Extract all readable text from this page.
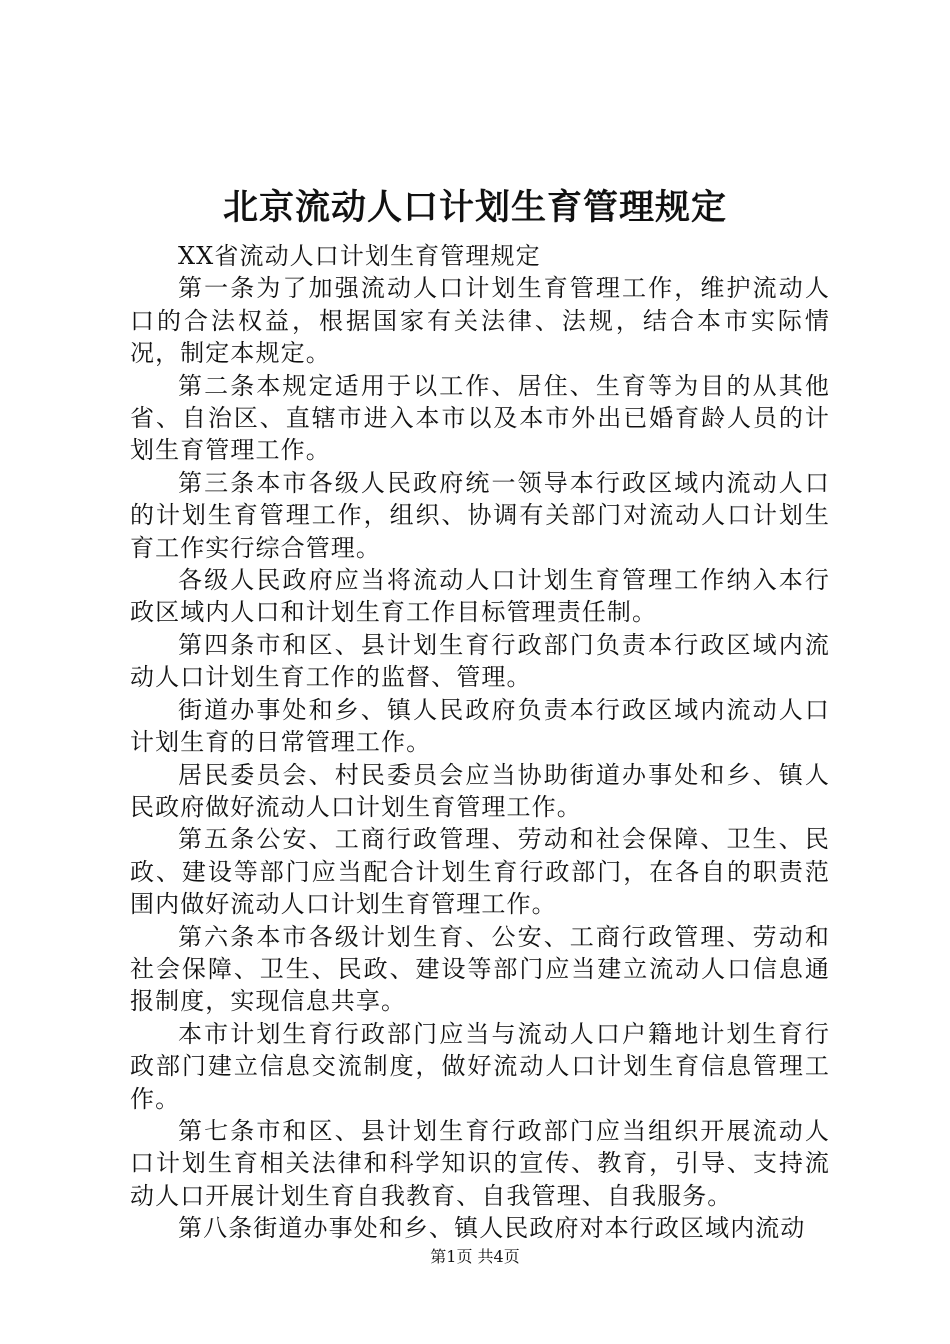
北京流动人口计划生育管理规定

XX省流动人口计划生育管理规定

第一条为了加强流动人口计划生育管理工作，维护流动人口的合法权益，根据国家有关法律、法规，结合本市实际情况，制定本规定。

第二条本规定适用于以工作、居住、生育等为目的从其他省、自治区、直辖市进入本市以及本市外出已婚育龄人员的计划生育管理工作。

第三条本市各级人民政府统一领导本行政区域内流动人口的计划生育管理工作，组织、协调有关部门对流动人口计划生育工作实行综合管理。

各级人民政府应当将流动人口计划生育管理工作纳入本行政区域内人口和计划生育工作目标管理责任制。

第四条市和区、县计划生育行政部门负责本行政区域内流动人口计划生育工作的监督、管理。

街道办事处和乡、镇人民政府负责本行政区域内流动人口计划生育的日常管理工作。

居民委员会、村民委员会应当协助街道办事处和乡、镇人民政府做好流动人口计划生育管理工作。

第五条公安、工商行政管理、劳动和社会保障、卫生、民政、建设等部门应当配合计划生育行政部门，在各自的职责范围内做好流动人口计划生育管理工作。

第六条本市各级计划生育、公安、工商行政管理、劳动和社会保障、卫生、民政、建设等部门应当建立流动人口信息通报制度，实现信息共享。

本市计划生育行政部门应当与流动人口户籍地计划生育行政部门建立信息交流制度，做好流动人口计划生育信息管理工作。

第七条市和区、县计划生育行政部门应当组织开展流动人口计划生育相关法律和科学知识的宣传、教育，引导、支持流动人口开展计划生育自我教育、自我管理、自我服务。

第八条街道办事处和乡、镇人民政府对本行政区域内流动

第1页 共4页
